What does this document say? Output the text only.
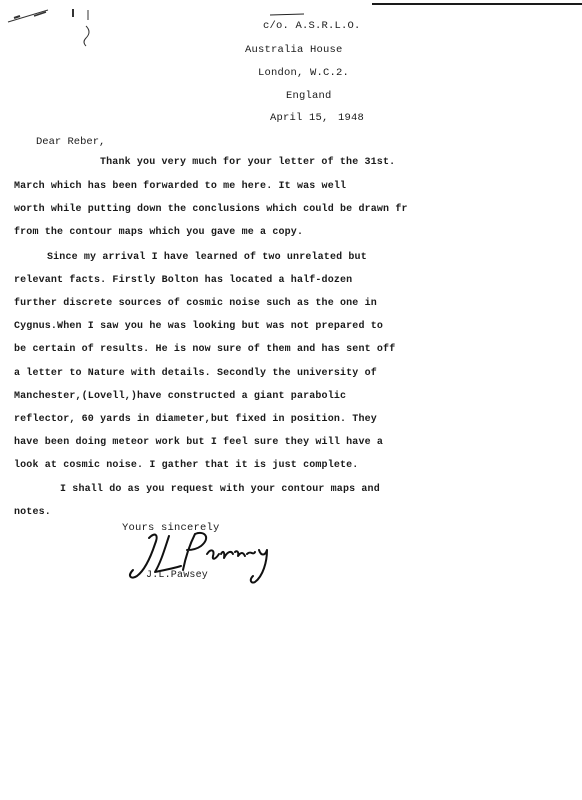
c/o. A.S.R.L.O.
Australia House
London, W.C.2.
England
April 15, 1948
Dear Reber,
Thank you very much for your letter of the 31st.
March which has been forwarded to me here. It was well
worth while putting down the conclusions which could be drawn fr
from the contour maps which you gave me a copy.
Since my arrival I have learned of two unrelated but
relevant facts. Firstly Bolton has located a half-dozen
further discrete sources of cosmic noise such as the one in
Cygnus.When I saw you he was looking but was not prepared to
be certain of results. He is now sure of them and has sent off
a letter to Nature with details. Secondly the university of
Manchester,(Lovell,)have constructed a giant parabolic
reflector, 60 yards in diameter,but fixed in position. They
have been doing meteor work but I feel sure they will have a
look at cosmic noise. I gather that it is just complete.
I shall do as you request with your contour maps and
notes.
Yours sincerely
J.L.Pawsey
